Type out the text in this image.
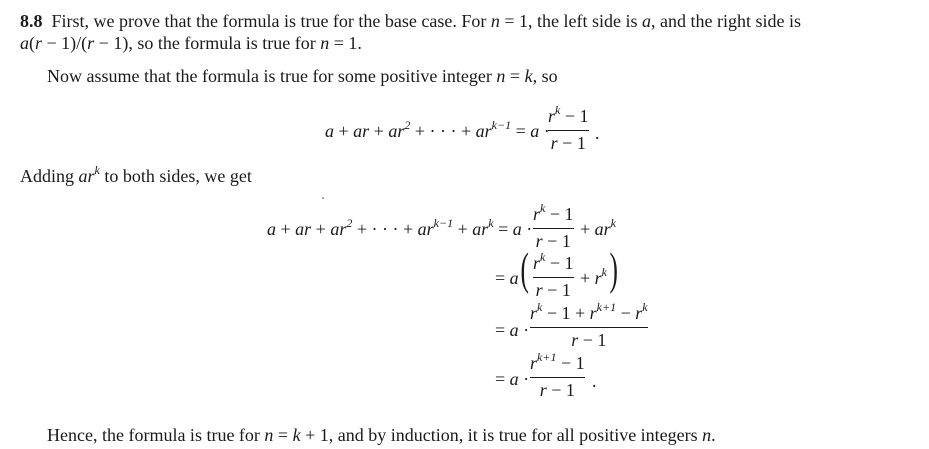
8.8  First, we prove that the formula is true for the base case. For n = 1, the left side is a, and the right side is
a(r − 1)/(r − 1), so the formula is true for n = 1.
Now assume that the formula is true for some positive integer n = k, so
a + ar + $ar^2$ + · · · + $ar^{k-1} = a$ ·
$r^k - 1$
r − 1 .
Adding $ar^k$ to both sides, we get
a + ar + $ar^2$ + · · · + $ar^{k-1} + ar^k = a$ ·
$r^k - 1$
r − 1
+ $ar^k$
= a ( $r^k - 1$
r − 1
+ $r^k$ )
= a ·
$r^k - 1 + r^{k+1} - r^k$
r − 1
= a ·
$r^{k+1} - 1$
r − 1 .
Hence, the formula is true for n = k + 1, and by induction, it is true for all positive integers n.
